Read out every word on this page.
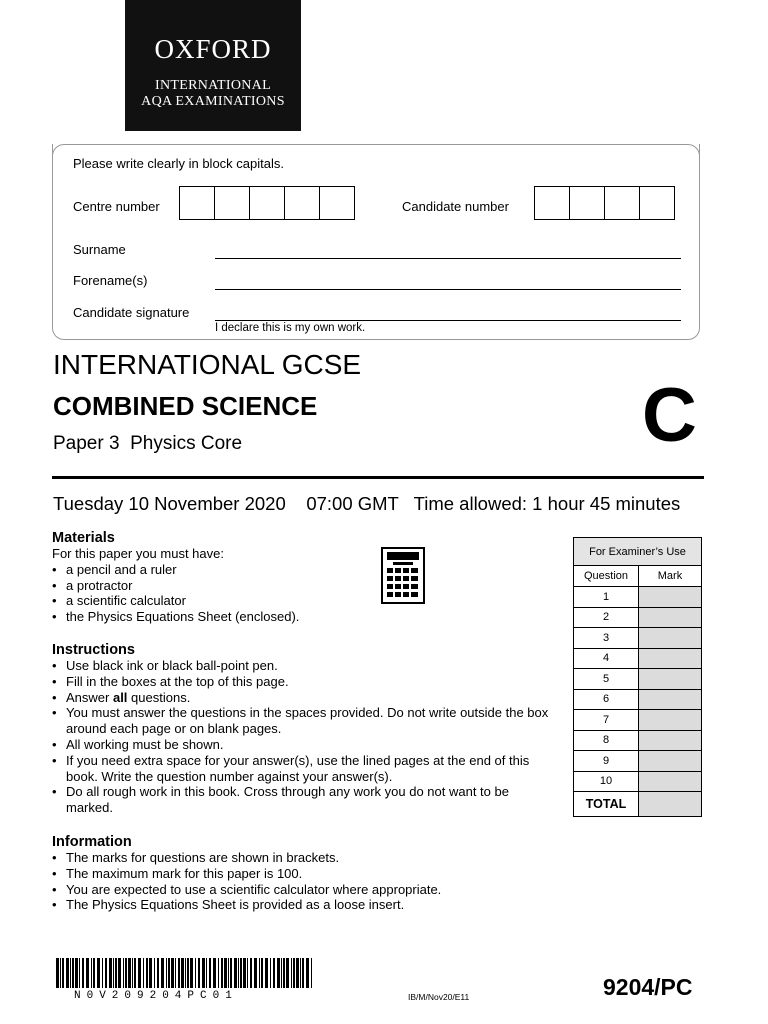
OXFORD
INTERNATIONAL
AQA EXAMINATIONS
Please write clearly in block capitals.
Centre number	Candidate number
Surname
Forename(s)
Candidate signature
I declare this is my own work.
INTERNATIONAL GCSE
COMBINED SCIENCE
Paper 3  Physics Core	C
Tuesday 10 November 2020    07:00 GMT   Time allowed: 1 hour 45 minutes
Materials
For this paper you must have:
• a pencil and a ruler
• a protractor
• a scientific calculator
• the Physics Equations Sheet (enclosed).
Instructions
• Use black ink or black ball-point pen.
• Fill in the boxes at the top of this page.
• Answer all questions.
• You must answer the questions in the spaces provided. Do not write outside the box around each page or on blank pages.
• All working must be shown.
• If you need extra space for your answer(s), use the lined pages at the end of this book. Write the question number against your answer(s).
• Do all rough work in this book. Cross through any work you do not want to be marked.
Information
• The marks for questions are shown in brackets.
• The maximum mark for this paper is 100.
• You are expected to use a scientific calculator where appropriate.
• The Physics Equations Sheet is provided as a loose insert.
For Examiner’s Use	
Question	Mark
1	
2	
3	
4	
5	
6	
7	
8	
9	
10	
TOTAL	
N0V209204PC01	IB/M/Nov20/E11	9204/PC
